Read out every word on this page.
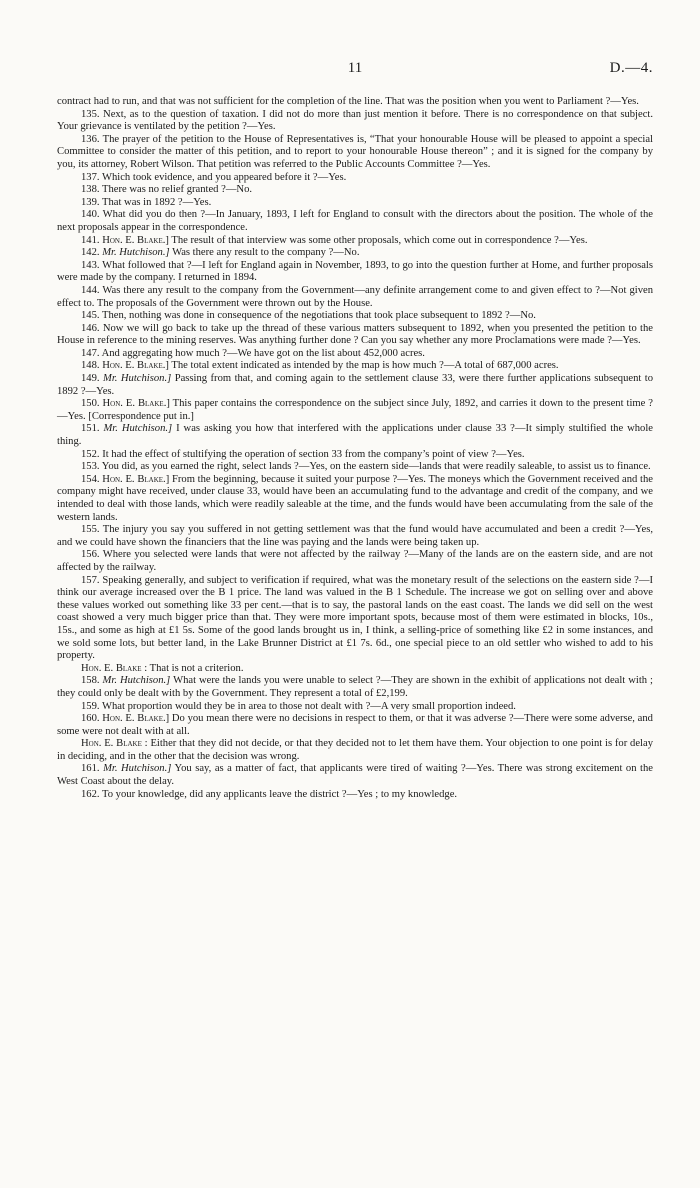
11	D.—4.

contract had to run, and that was not sufficient for the completion of the line. That was the position when you went to Parliament ?—Yes.

135. Next, as to the question of taxation. I did not do more than just mention it before. There is no correspondence on that subject. Your grievance is ventilated by the petition ?—Yes.

136. The prayer of the petition to the House of Representatives is, “That your honourable House will be pleased to appoint a special Committee to consider the matter of this petition, and to report to your honourable House thereon” ; and it is signed for the company by you, its attorney, Robert Wilson. That petition was referred to the Public Accounts Committee ?—Yes.

137. Which took evidence, and you appeared before it ?—Yes.

138. There was no relief granted ?—No.

139. That was in 1892 ?—Yes.

140. What did you do then ?—In January, 1893, I left for England to consult with the directors about the position. The whole of the next proposals appear in the correspondence.

141. Hon. E. Blake.] The result of that interview was some other proposals, which come out in correspondence ?—Yes.

142. Mr. Hutchison.] Was there any result to the company ?—No.

143. What followed that ?—I left for England again in November, 1893, to go into the question further at Home, and further proposals were made by the company. I returned in 1894.

144. Was there any result to the company from the Government—any definite arrangement come to and given effect to ?—Not given effect to. The proposals of the Government were thrown out by the House.

145. Then, nothing was done in consequence of the negotiations that took place subsequent to 1892 ?—No.

146. Now we will go back to take up the thread of these various matters subsequent to 1892, when you presented the petition to the House in reference to the mining reserves. Was anything further done ? Can you say whether any more Proclamations were made ?—Yes.

147. And aggregating how much ?—We have got on the list about 452,000 acres.

148. Hon. E. Blake.] The total extent indicated as intended by the map is how much ?—A total of 687,000 acres.

149. Mr. Hutchison.] Passing from that, and coming again to the settlement clause 33, were there further applications subsequent to 1892 ?—Yes.

150. Hon. E. Blake.] This paper contains the correspondence on the subject since July, 1892, and carries it down to the present time ?—Yes. [Correspondence put in.]

151. Mr. Hutchison.] I was asking you how that interfered with the applications under clause 33 ?—It simply stultified the whole thing.

152. It had the effect of stultifying the operation of section 33 from the company’s point of view ?—Yes.

153. You did, as you earned the right, select lands ?—Yes, on the eastern side—lands that were readily saleable, to assist us to finance.

154. Hon. E. Blake.] From the beginning, because it suited your purpose ?—Yes. The moneys which the Government received and the company might have received, under clause 33, would have been an accumulating fund to the advantage and credit of the company, and we intended to deal with those lands, which were readily saleable at the time, and the funds would have been accumulating from the sale of the western lands.

155. The injury you say you suffered in not getting settlement was that the fund would have accumulated and been a credit ?—Yes, and we could have shown the financiers that the line was paying and the lands were being taken up.

156. Where you selected were lands that were not affected by the railway ?—Many of the lands are on the eastern side, and are not affected by the railway.

157. Speaking generally, and subject to verification if required, what was the monetary result of the selections on the eastern side ?—I think our average increased over the B 1 price. The land was valued in the B 1 Schedule. The increase we got on selling over and above these values worked out something like 33 per cent.—that is to say, the pastoral lands on the east coast. The lands we did sell on the west coast showed a very much bigger price than that. They were more important spots, because most of them were estimated in blocks, 10s., 15s., and some as high at £1 5s. Some of the good lands brought us in, I think, a selling-price of something like £2 in some instances, and we sold some lots, but better land, in the Lake Brunner District at £1 7s. 6d., one special piece to an old settler who wished to add to his property.

Hon. E. Blake : That is not a criterion.

158. Mr. Hutchison.] What were the lands you were unable to select ?—They are shown in the exhibit of applications not dealt with ; they could only be dealt with by the Government. They represent a total of £2,199.

159. What proportion would they be in area to those not dealt with ?—A very small proportion indeed.

160. Hon. E. Blake.] Do you mean there were no decisions in respect to them, or that it was adverse ?—There were some adverse, and some were not dealt with at all.

Hon. E. Blake : Either that they did not decide, or that they decided not to let them have them. Your objection to one point is for delay in deciding, and in the other that the decision was wrong.

161. Mr. Hutchison.] You say, as a matter of fact, that applicants were tired of waiting ?—Yes. There was strong excitement on the West Coast about the delay.

162. To your knowledge, did any applicants leave the district ?—Yes ; to my knowledge.
